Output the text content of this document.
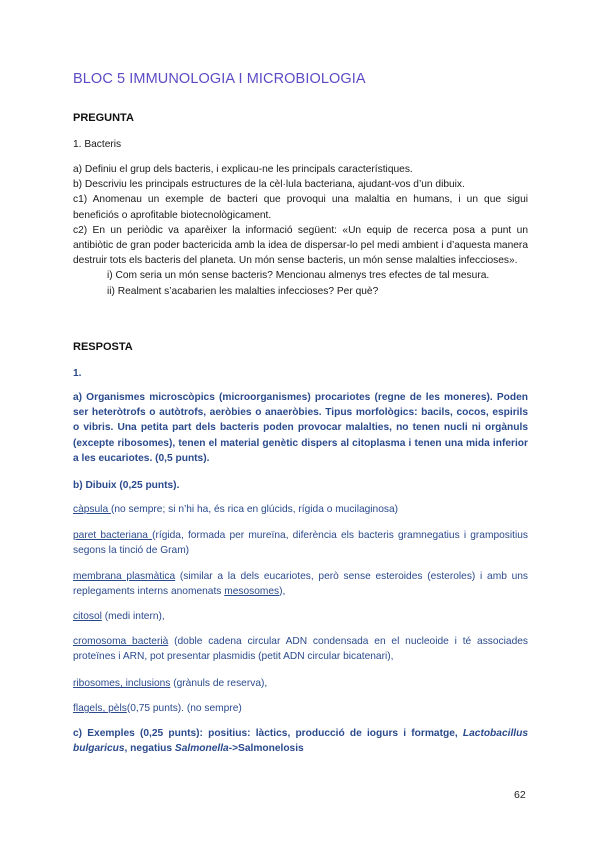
BLOC 5 IMMUNOLOGIA I MICROBIOLOGIA
PREGUNTA

1. Bacteris

a) Definiu el grup dels bacteris, i explicau-ne les principals característiques.

b) Descriviu les principals estructures de la cèl·lula bacteriana, ajudant-vos d’un dibuix.

c1) Anomenau un exemple de bacteri que provoqui una malaltia en humans, i un que sigui beneficiós o aprofitable biotecnològicament.

c2) En un periòdic va aparèixer la informació següent: «Un equip de recerca posa a punt un antibiòtic de gran poder bactericida amb la idea de dispersar-lo pel medi ambient i d’aquesta manera destruir tots els bacteris del planeta. Un món sense bacteris, un món sense malalties infeccioses».

i) Com seria un món sense bacteris? Mencionau almenys tres efectes de tal mesura.

ii) Realment s’acabarien les malalties infeccioses? Per què?

RESPOSTA

1.

a) Organismes microscòpics (microorganismes) procariotes (regne de les moneres). Poden ser heteròtrofs o autòtrofs, aeròbies o anaeròbies. Tipus morfològics: bacils, cocos, espirils o vibris. Una petita part dels bacteris poden provocar malalties, no tenen nucli ni orgànuls (excepte ribosomes), tenen el material genètic dispers al citoplasma i tenen una mida inferior a les eucariotes. (0,5 punts).

b) Dibuix (0,25 punts).

càpsula (no sempre; si n’hi ha, és rica en glúcids, rígida o mucilaginosa)

paret bacteriana (rígida, formada per mureïna, diferència els bacteris gramnegatius i grampositius segons la tinció de Gram)

membrana plasmàtica (similar a la dels eucariotes, però sense esteroides (esteroles) i amb uns replegaments interns anomenats mesosomes),

citosol (medi intern),

cromosoma bacterià (doble cadena circular ADN condensada en el nucleoide i té associades proteïnes i ARN, pot presentar plasmidis (petit ADN circular bicatenari),

ribosomes, inclusions (grànuls de reserva),

flagels, pèls(0,75 punts). (no sempre)

c) Exemples (0,25 punts): positius: làctics, producció de iogurs i formatge, Lactobacillus bulgaricus, negatius Salmonella->Salmonelosis

62
